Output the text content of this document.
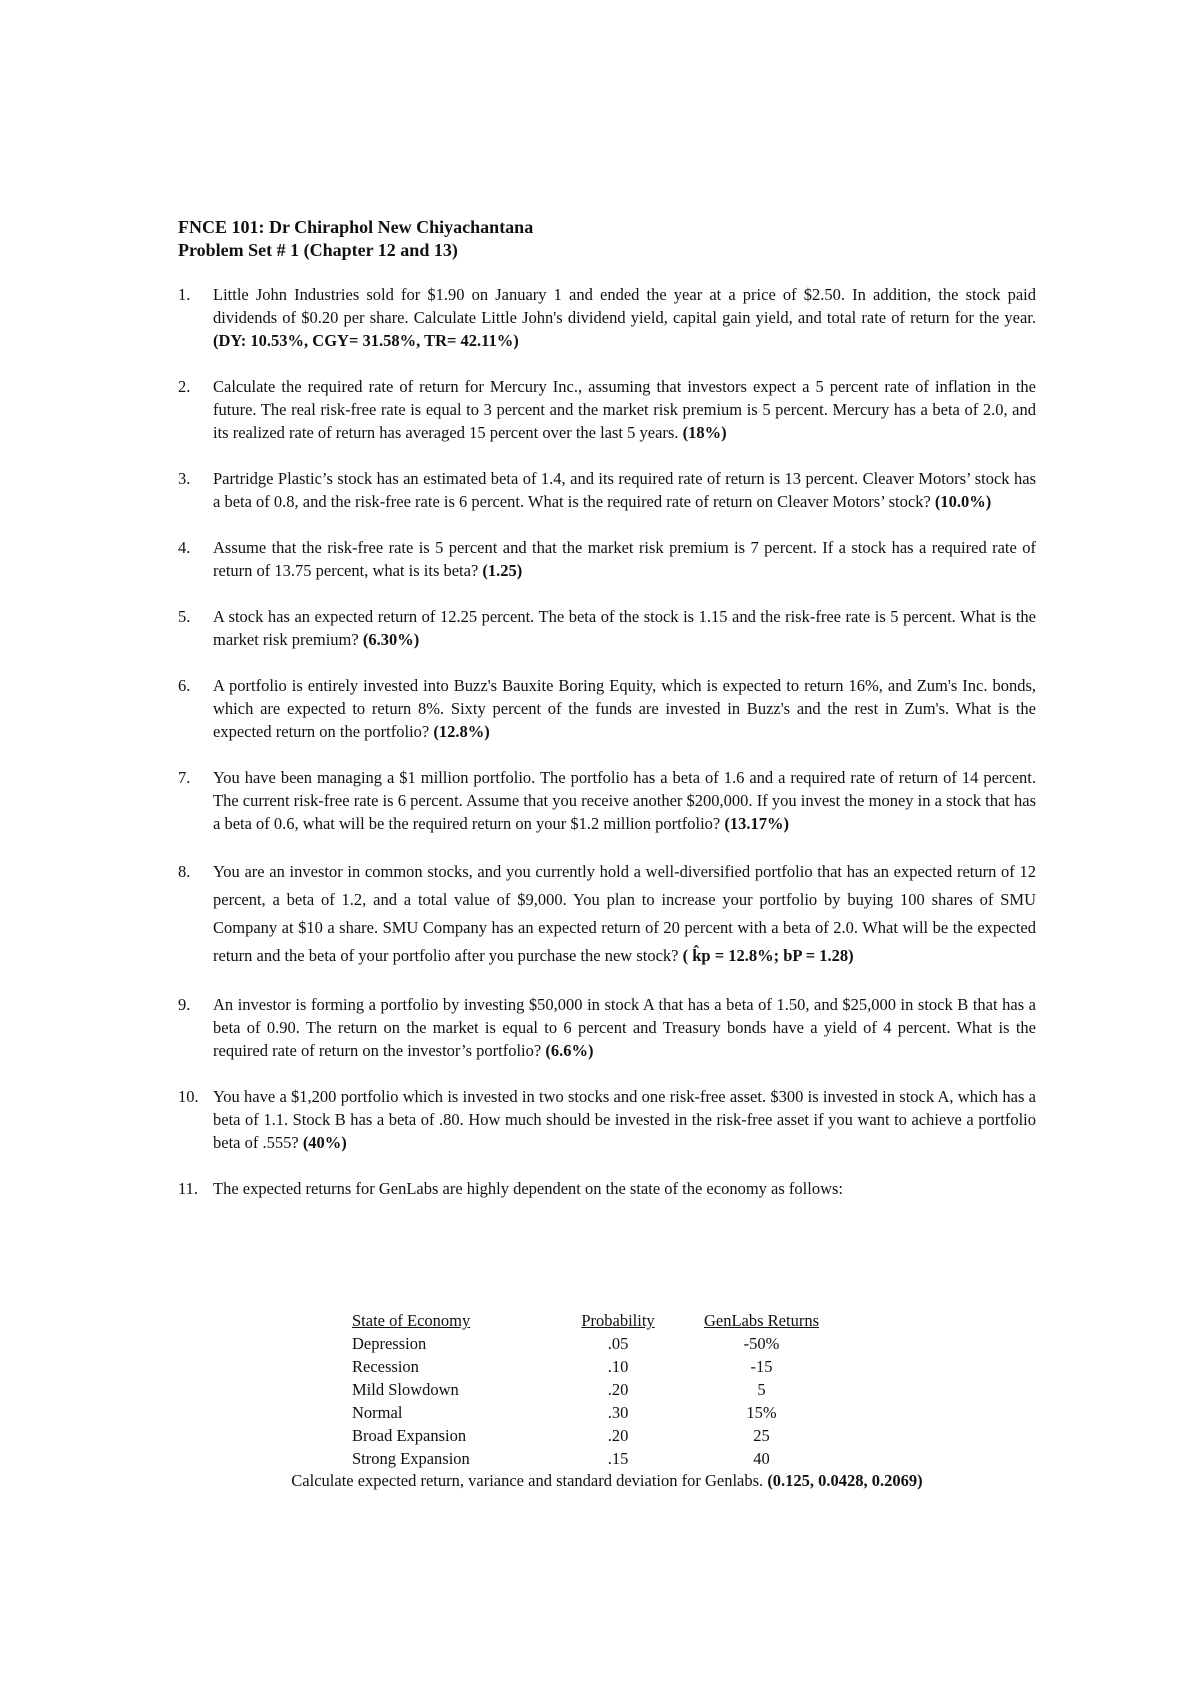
FNCE 101: Dr Chiraphol New Chiyachantana
Problem Set # 1 (Chapter 12 and 13)
1.	Little John Industries sold for $1.90 on January 1 and ended the year at a price of $2.50. In addition, the stock paid dividends of $0.20 per share. Calculate Little John's dividend yield, capital gain yield, and total rate of return for the year. (DY: 10.53%, CGY= 31.58%, TR= 42.11%)
2.	Calculate the required rate of return for Mercury Inc., assuming that investors expect a 5 percent rate of inflation in the future. The real risk-free rate is equal to 3 percent and the market risk premium is 5 percent. Mercury has a beta of 2.0, and its realized rate of return has averaged 15 percent over the last 5 years. (18%)
3.	Partridge Plastic’s stock has an estimated beta of 1.4, and its required rate of return is 13 percent. Cleaver Motors’ stock has a beta of 0.8, and the risk-free rate is 6 percent. What is the required rate of return on Cleaver Motors’ stock? (10.0%)
4.	Assume that the risk-free rate is 5 percent and that the market risk premium is 7 percent. If a stock has a required rate of return of 13.75 percent, what is its beta? (1.25)
5.	A stock has an expected return of 12.25 percent. The beta of the stock is 1.15 and the risk-free rate is 5 percent. What is the market risk premium? (6.30%)
6.	A portfolio is entirely invested into Buzz's Bauxite Boring Equity, which is expected to return 16%, and Zum's Inc. bonds, which are expected to return 8%. Sixty percent of the funds are invested in Buzz's and the rest in Zum's. What is the expected return on the portfolio? (12.8%)
7.	You have been managing a $1 million portfolio. The portfolio has a beta of 1.6 and a required rate of return of 14 percent. The current risk-free rate is 6 percent. Assume that you receive another $200,000. If you invest the money in a stock that has a beta of 0.6, what will be the required return on your $1.2 million portfolio? (13.17%)
8.	You are an investor in common stocks, and you currently hold a well-diversified portfolio that has an expected return of 12 percent, a beta of 1.2, and a total value of $9,000. You plan to increase your portfolio by buying 100 shares of SMU Company at $10 a share. SMU Company has an expected return of 20 percent with a beta of 2.0. What will be the expected return and the beta of your portfolio after you purchase the new stock? ( k̂p = 12.8%; bP = 1.28)
9.	An investor is forming a portfolio by investing $50,000 in stock A that has a beta of 1.50, and $25,000 in stock B that has a beta of 0.90. The return on the market is equal to 6 percent and Treasury bonds have a yield of 4 percent. What is the required rate of return on the investor’s portfolio? (6.6%)
10. You have a $1,200 portfolio which is invested in two stocks and one risk-free asset. $300 is invested in stock A, which has a beta of 1.1. Stock B has a beta of .80. How much should be invested in the risk-free asset if you want to achieve a portfolio beta of .555? (40%)
11. The expected returns for GenLabs are highly dependent on the state of the economy as follows:
State of Economy	Probability	GenLabs Returns
Depression	.05	-50%
Recession	.10	-15
Mild Slowdown	.20	5
Normal	.30	15%
Broad Expansion	.20	25
Strong Expansion	.15	40
Calculate expected return, variance and standard deviation for Genlabs. (0.125, 0.0428, 0.2069)
